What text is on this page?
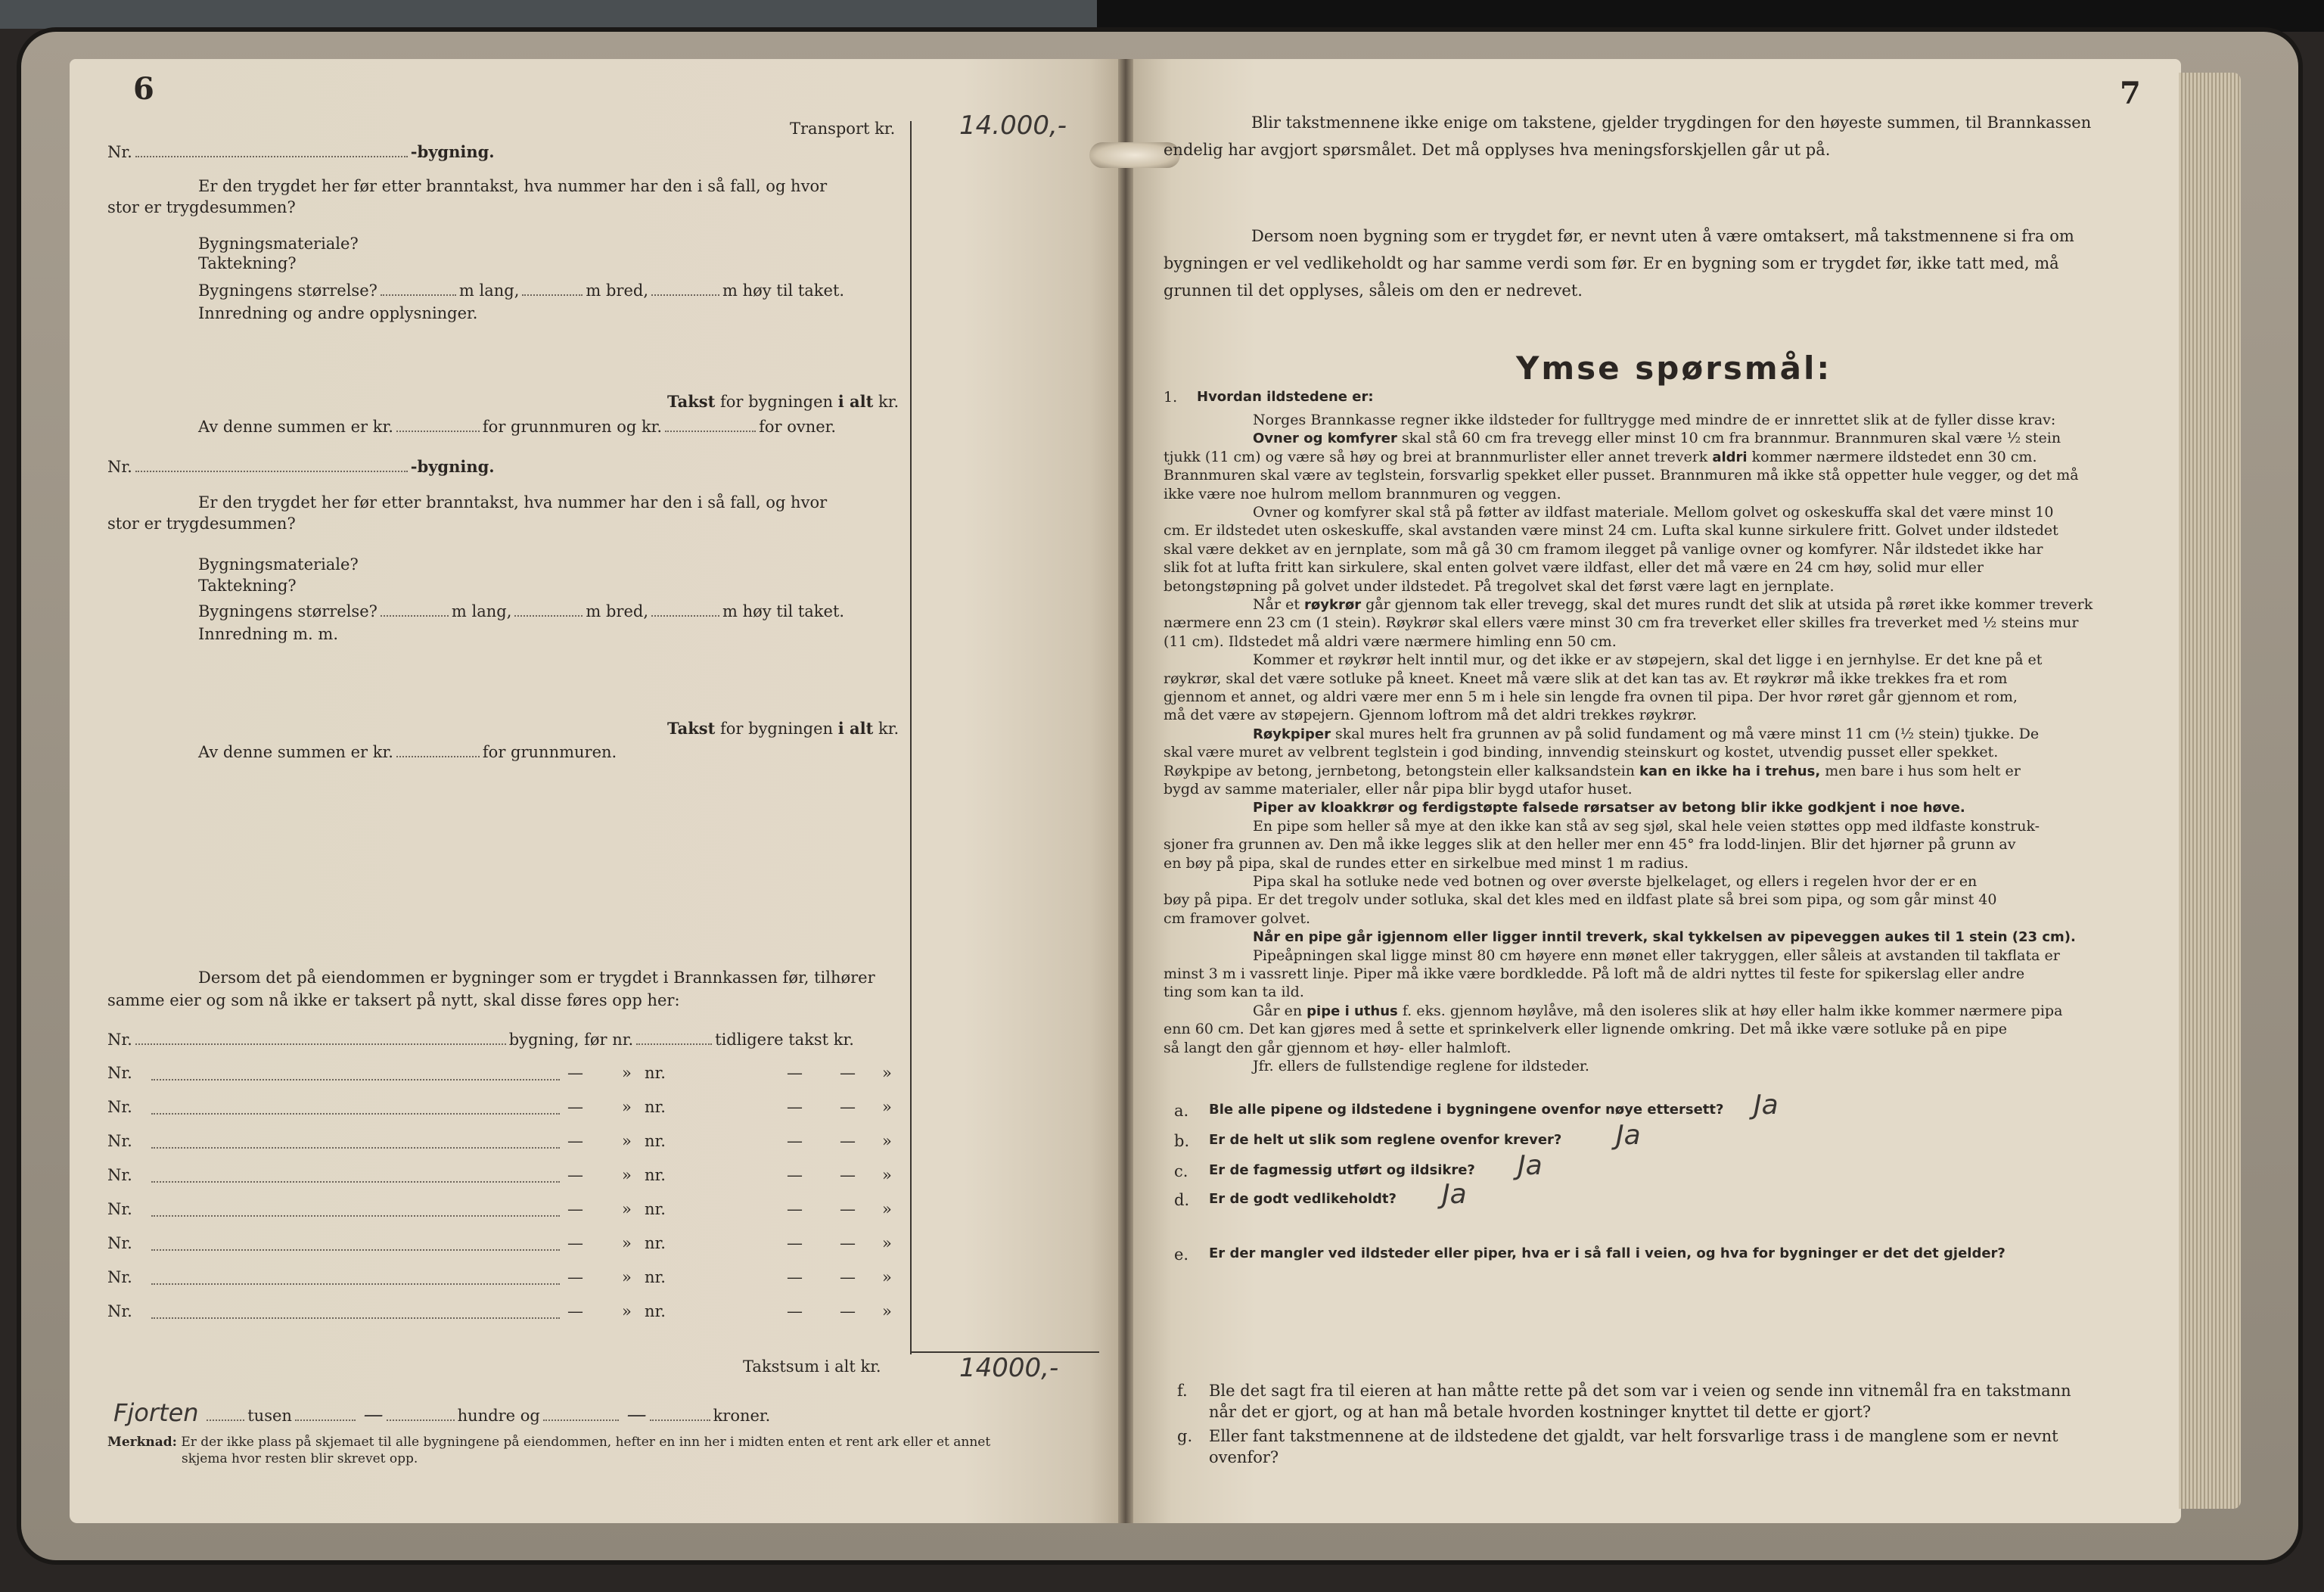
6
Transport kr. 14.000,-
Nr.	-bygning.
Er den trygdet her før etter branntakst, hva nummer har den i så fall, og hvor
stor er trygdesummen?
Bygningsmateriale?
Taktekning?
Bygningens størrelse?	m lang,	m bred,	m høy til taket.
Innredning og andre opplysninger.
Takst for bygningen i alt kr.
Av denne summen er kr.	for grunnmuren og kr.	for ovner.
Nr.	-bygning.
Er den trygdet her før etter branntakst, hva nummer har den i så fall, og hvor
stor er trygdesummen?
Bygningsmateriale?
Taktekning?
Bygningens størrelse?	m lang,	m bred,	m høy til taket.
Innredning m. m.
Takst for bygningen i alt kr.
Av denne summen er kr.	for grunnmuren.
Dersom det på eiendommen er bygninger som er trygdet i Brannkassen før, tilhører
samme eier og som nå ikke er taksert på nytt, skal disse føres opp her:
Nr.	bygning, før nr.	tidligere takst kr.
Nr.	— » nr.	— — »
Nr.	— » nr.	— — »
Nr.	— » nr.	— — »
Nr.	— » nr.	— — »
Nr.	— » nr.	— — »
Nr.	— » nr.	— — »
Nr.	— » nr.	— — »
Nr.	— » nr.	— — »
Takstsum i alt kr.	14000,-
Fjorten	tusen	—	hundre og	—	kroner.
Merknad: Er der ikke plass på skjemaet til alle bygningene på eiendommen, hefter en inn her i midten enten et rent ark eller et annet
skjema hvor resten blir skrevet opp.
7
Blir takstmennene ikke enige om takstene, gjelder trygdingen for den høyeste summen, til Brannkassen
endelig har avgjort spørsmålet. Det må opplyses hva meningsforskjellen går ut på.
Dersom noen bygning som er trygdet før, er nevnt uten å være omtaksert, må takstmennene si fra om
bygningen er vel vedlikeholdt og har samme verdi som før. Er en bygning som er trygdet før, ikke tatt med, må
grunnen til det opplyses, såleis om den er nedrevet.
Ymse spørsmål:
1. Hvordan ildstedene er:
Norges Brannkasse regner ikke ildsteder for fulltrygge med mindre de er innrettet slik at de fyller disse krav:
Ovner og komfyrer skal stå 60 cm fra trevegg eller minst 10 cm fra brannmur. Brannmuren skal være ½ stein
tjukk (11 cm) og være så høy og brei at brannmurlister eller annet treverk aldri kommer nærmere ildstedet enn 30 cm.
Brannmuren skal være av teglstein, forsvarlig spekket eller pusset. Brannmuren må ikke stå oppetter hule vegger, og det må
ikke være noe hulrom mellom brannmuren og veggen.
Ovner og komfyrer skal stå på føtter av ildfast materiale. Mellom golvet og oskeskuffa skal det være minst 10
cm. Er ildstedet uten oskeskuffe, skal avstanden være minst 24 cm. Lufta skal kunne sirkulere fritt. Golvet under ildstedet
skal være dekket av en jernplate, som må gå 30 cm framom ilegget på vanlige ovner og komfyrer. Når ildstedet ikke har
slik fot at lufta fritt kan sirkulere, skal enten golvet være ildfast, eller det må være en 24 cm høy, solid mur eller
betongstøpning på golvet under ildstedet. På tregolvet skal det først være lagt en jernplate.
Når et røykrør går gjennom tak eller trevegg, skal det mures rundt det slik at utsida på røret ikke kommer treverk
nærmere enn 23 cm (1 stein). Røykrør skal ellers være minst 30 cm fra treverket eller skilles fra treverket med ½ steins mur
(11 cm). Ildstedet må aldri være nærmere himling enn 50 cm.
Kommer et røykrør helt inntil mur, og det ikke er av støpejern, skal det ligge i en jernhylse. Er det kne på et
røykrør, skal det være sotluke på kneet. Kneet må være slik at det kan tas av. Et røykrør må ikke trekkes fra et rom
gjennom et annet, og aldri være mer enn 5 m i hele sin lengde fra ovnen til pipa. Der hvor røret går gjennom et rom,
må det være av støpejern. Gjennom loftrom må det aldri trekkes røykrør.
Røykpiper skal mures helt fra grunnen av på solid fundament og må være minst 11 cm (½ stein) tjukke. De
skal være muret av velbrent teglstein i god binding, innvendig steinskurt og kostet, utvendig pusset eller spekket.
Røykpipe av betong, jernbetong, betongstein eller kalksandstein kan en ikke ha i trehus, men bare i hus som helt er
bygd av samme materialer, eller når pipa blir bygd utafor huset.
Piper av kloakkrør og ferdigstøpte falsede rørsatser av betong blir ikke godkjent i noe høve.
En pipe som heller så mye at den ikke kan stå av seg sjøl, skal hele veien støttes opp med ildfaste konstruk-
sjoner fra grunnen av. Den må ikke legges slik at den heller mer enn 45° fra lodd-linjen. Blir det hjørner på grunn av
en bøy på pipa, skal de rundes etter en sirkelbue med minst 1 m radius.
Pipa skal ha sotluke nede ved botnen og over øverste bjelkelaget, og ellers i regelen hvor der er en
bøy på pipa. Er det tregolv under sotluka, skal det kles med en ildfast plate så brei som pipa, og som går minst 40
cm framover golvet.
Når en pipe går igjennom eller ligger inntil treverk, skal tykkelsen av pipeveggen aukes til 1 stein (23 cm).
Pipeåpningen skal ligge minst 80 cm høyere enn mønet eller takryggen, eller såleis at avstanden til takflata er
minst 3 m i vassrett linje. Piper må ikke være bordkledde. På loft må de aldri nyttes til feste for spikerslag eller andre
ting som kan ta ild.
Går en pipe i uthus f. eks. gjennom høylåve, må den isoleres slik at høy eller halm ikke kommer nærmere pipa
enn 60 cm. Det kan gjøres med å sette et sprinkelverk eller lignende omkring. Det må ikke være sotluke på en pipe
så langt den går gjennom et høy- eller halmloft.
Jfr. ellers de fullstendige reglene for ildsteder.
a. Ble alle pipene og ildstedene i bygningene ovenfor nøye ettersett? Ja
b. Er de helt ut slik som reglene ovenfor krever? Ja
c. Er de fagmessig utført og ildsikre? Ja
d. Er de godt vedlikeholdt? Ja
e. Er der mangler ved ildsteder eller piper, hva er i så fall i veien, og hva for bygninger er det det gjelder?
f. Ble det sagt fra til eieren at han måtte rette på det som var i veien og sende inn vitnemål fra en takstmann
når det er gjort, og at han må betale hvorden kostninger knyttet til dette er gjort?
g. Eller fant takstmennene at de ildstedene det gjaldt, var helt forsvarlige trass i de manglene som er nevnt
ovenfor?
